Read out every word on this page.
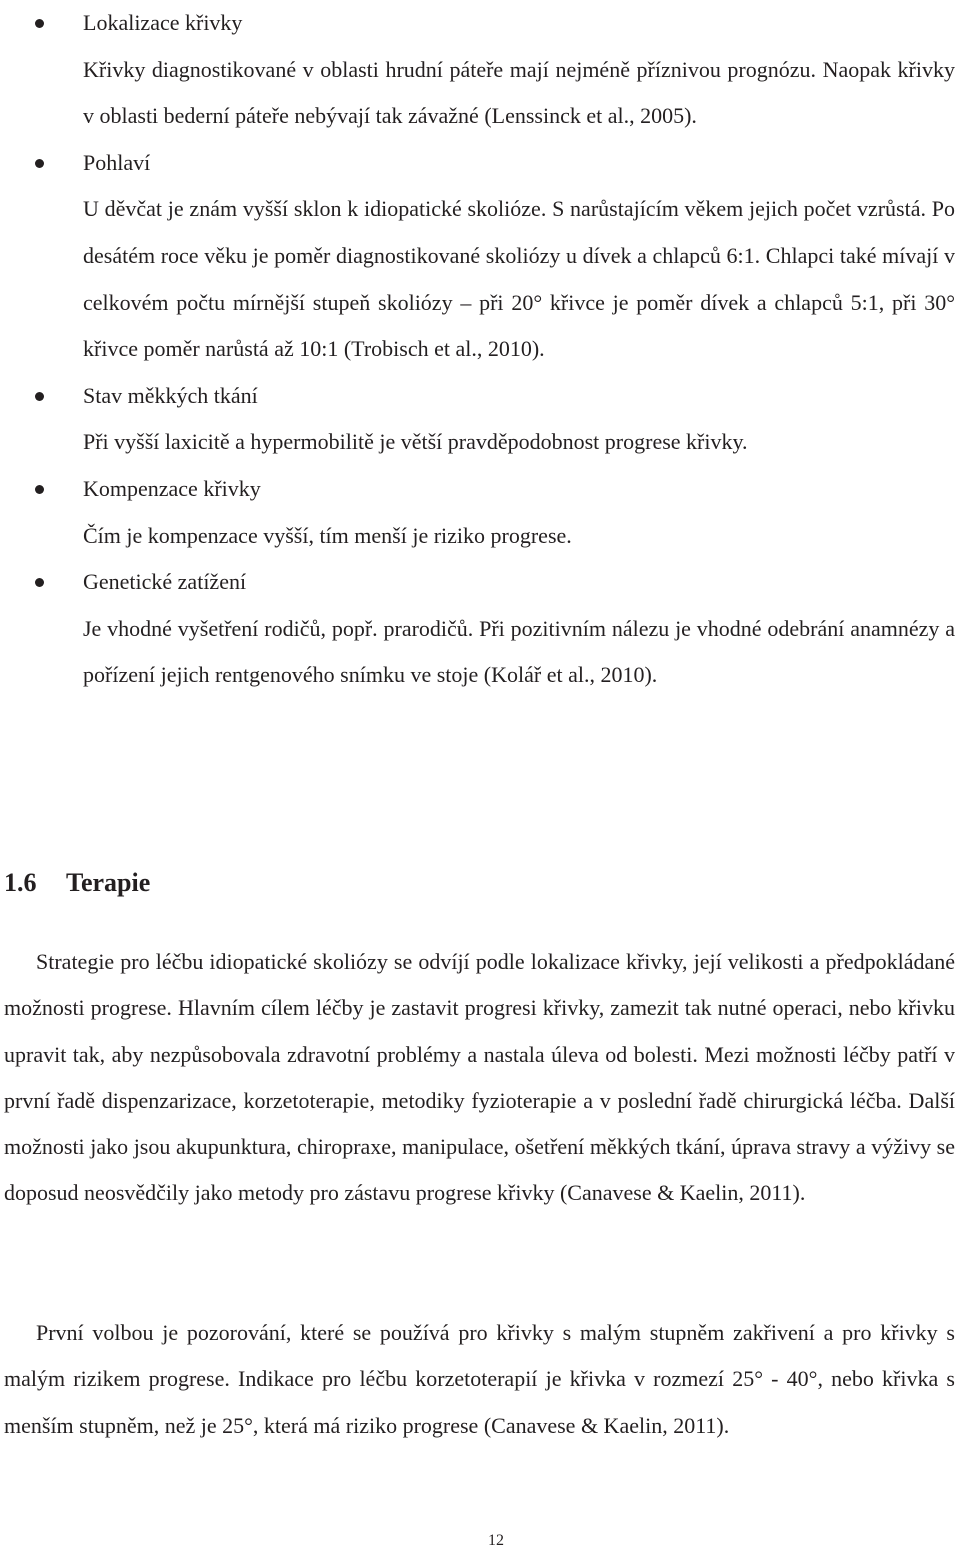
Lokalizace křivky

Křivky diagnostikované v oblasti hrudní páteře mají nejméně příznivou prognózu. Naopak křivky v oblasti bederní páteře nebývají tak závažné (Lenssinck et al., 2005).

Pohlaví

U děvčat je znám vyšší sklon k idiopatické skolióze. S narůstajícím věkem jejich počet vzrůstá. Po desátém roce věku je poměr diagnostikované skoliózy u dívek a chlapců 6:1. Chlapci také mívají v celkovém počtu mírnější stupeň skoliózy – při 20° křivce je poměr dívek a chlapců 5:1, při 30° křivce poměr narůstá až 10:1 (Trobisch et al., 2010).

Stav měkkých tkání

Při vyšší laxicitě a hypermobilitě je větší pravděpodobnost progrese křivky.

Kompenzace křivky

Čím je kompenzace vyšší, tím menší je riziko progrese.

Genetické zatížení

Je vhodné vyšetření rodičů, popř. prarodičů. Při pozitivním nálezu je vhodné odebrání anamnézy a pořízení jejich rentgenového snímku ve stoje (Kolář et al., 2010).

1.6 Terapie

Strategie pro léčbu idiopatické skoliózy se odvíjí podle lokalizace křivky, její velikosti a předpokládané možnosti progrese. Hlavním cílem léčby je zastavit progresi křivky, zamezit tak nutné operaci, nebo křivku upravit tak, aby nezpůsobovala zdravotní problémy a nastala úleva od bolesti. Mezi možnosti léčby patří v první řadě dispenzarizace, korzetoterapie, metodiky fyzioterapie a v poslední řadě chirurgická léčba. Další možnosti jako jsou akupunktura, chiropraxe, manipulace, ošetření měkkých tkání, úprava stravy a výživy se doposud neosvědčily jako metody pro zástavu progrese křivky (Canavese & Kaelin, 2011).

První volbou je pozorování, které se používá pro křivky s malým stupněm zakřivení a pro křivky s malým rizikem progrese. Indikace pro léčbu korzetoterapií je křivka v rozmezí 25° - 40°, nebo křivka s menším stupněm, než je 25°, která má riziko progrese (Canavese & Kaelin, 2011).

12
